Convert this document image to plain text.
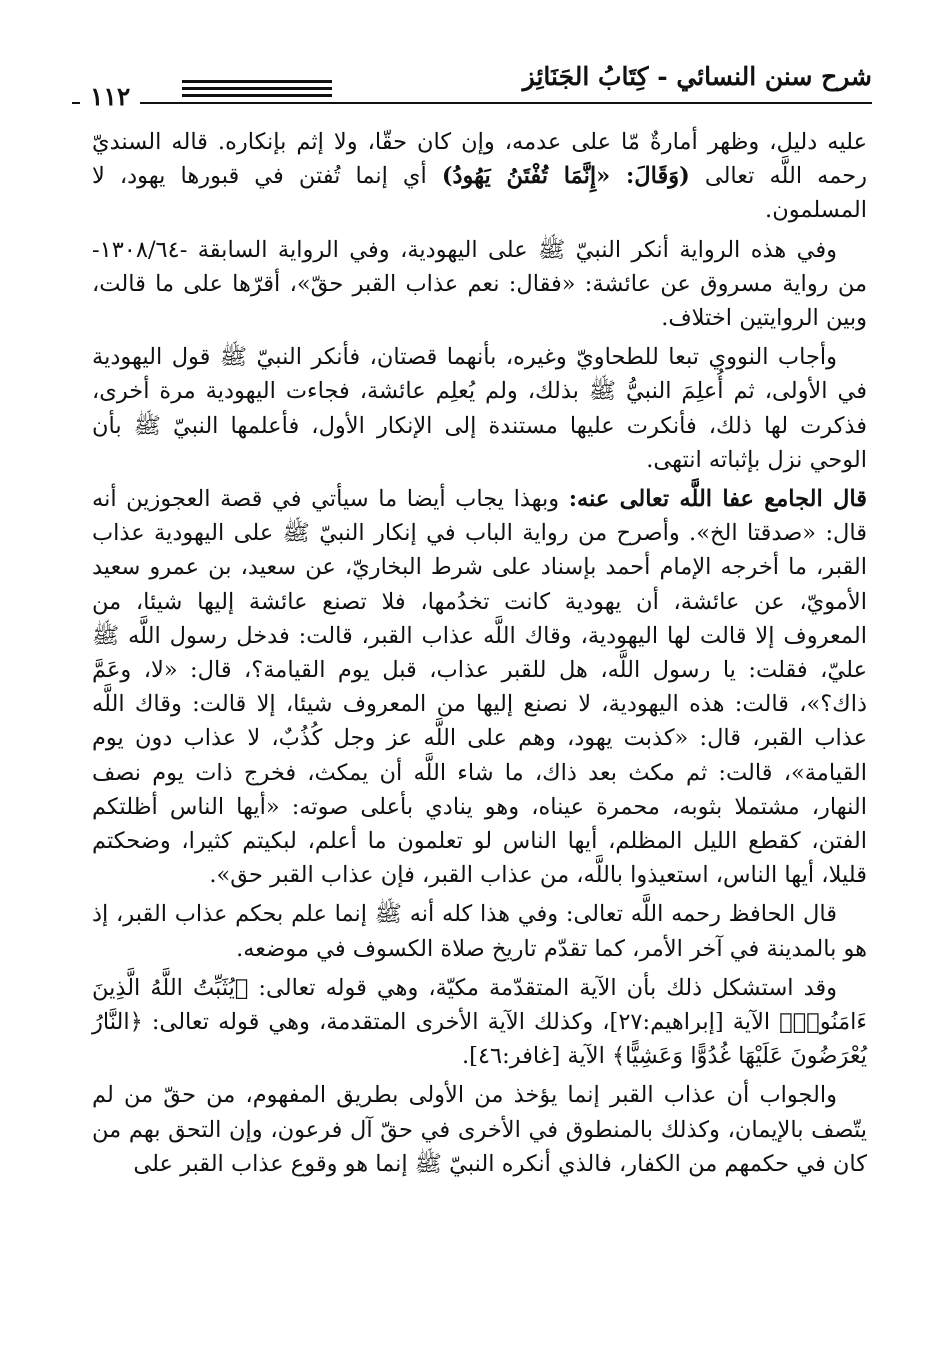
شرح سنن النسائي - كِتَابُ الجَنَائِز
١١٢

عليه دليل، وظهر أمارةٌ مّا على عدمه، وإن كان حقّا، ولا إثم بإنكاره. قاله السنديّ رحمه اللَّه تعالى (وَقَالَ: «إِنَّمَا تُفْتَنُ يَهُودُ) أي إنما تُفتن في قبورها يهود، لا المسلمون.

وفي هذه الرواية أنكر النبيّ ﷺ على اليهودية، وفي الرواية السابقة -١٣٠٨/٦٤- من رواية مسروق عن عائشة: «فقال: نعم عذاب القبر حقّ»، أقرّها على ما قالت، وبين الروايتين اختلاف.

وأجاب النووي تبعا للطحاويّ وغيره، بأنهما قصتان، فأنكر النبيّ ﷺ قول اليهودية في الأولى، ثم أُعلِمَ النبيُّ ﷺ بذلك، ولم يُعلِم عائشة، فجاءت اليهودية مرة أخرى، فذكرت لها ذلك، فأنكرت عليها مستندة إلى الإنكار الأول، فأعلمها النبيّ ﷺ بأن الوحي نزل بإثباته انتهى.

قال الجامع عفا اللَّه تعالى عنه: وبهذا يجاب أيضا ما سيأتي في قصة العجوزين أنه قال: «صدقتا الخ». وأصرح من رواية الباب في إنكار النبيّ ﷺ على اليهودية عذاب القبر، ما أخرجه الإمام أحمد بإسناد على شرط البخاريّ، عن سعيد، بن عمرو سعيد الأمويّ، عن عائشة، أن يهودية كانت تخدُمها، فلا تصنع عائشة إليها شيئا، من المعروف إلا قالت لها اليهودية، وقاك اللَّه عذاب القبر، قالت: فدخل رسول اللَّه ﷺ عليّ، فقلت: يا رسول اللَّه، هل للقبر عذاب، قبل يوم القيامة؟، قال: «لا، وعَمَّ ذاك؟»، قالت: هذه اليهودية، لا نصنع إليها من المعروف شيئا، إلا قالت: وقاك اللَّه عذاب القبر، قال: «كذبت يهود، وهم على اللَّه عز وجل كُذُبٌ، لا عذاب دون يوم القيامة»، قالت: ثم مكث بعد ذاك، ما شاء اللَّه أن يمكث، فخرج ذات يوم نصف النهار، مشتملا بثوبه، محمرة عيناه، وهو ينادي بأعلى صوته: «أيها الناس أظلتكم الفتن، كقطع الليل المظلم، أيها الناس لو تعلمون ما أعلم، لبكيتم كثيرا، وضحكتم قليلا، أيها الناس، استعيذوا باللَّه، من عذاب القبر، فإن عذاب القبر حق».

قال الحافظ رحمه اللَّه تعالى: وفي هذا كله أنه ﷺ إنما علم بحكم عذاب القبر، إذ هو بالمدينة في آخر الأمر، كما تقدّم تاريخ صلاة الكسوف في موضعه.

وقد استشكل ذلك بأن الآية المتقدّمة مكيّة، وهي قوله تعالى: ﴿يُثَبِّتُ اللَّهُ الَّذِينَ ءَامَنُوا۟﴾ الآية [إبراهيم:٢٧]، وكذلك الآية الأخرى المتقدمة، وهي قوله تعالى: ﴿النَّارُ يُعْرَضُونَ عَلَيْهَا غُدُوًّا وَعَشِيًّا﴾ الآية [غافر:٤٦].

والجواب أن عذاب القبر إنما يؤخذ من الأولى بطريق المفهوم، من حقّ من لم يتّصف بالإيمان، وكذلك بالمنطوق في الأخرى في حقّ آل فرعون، وإن التحق بهم من كان في حكمهم من الكفار، فالذي أنكره النبيّ ﷺ إنما هو وقوع عذاب القبر على
